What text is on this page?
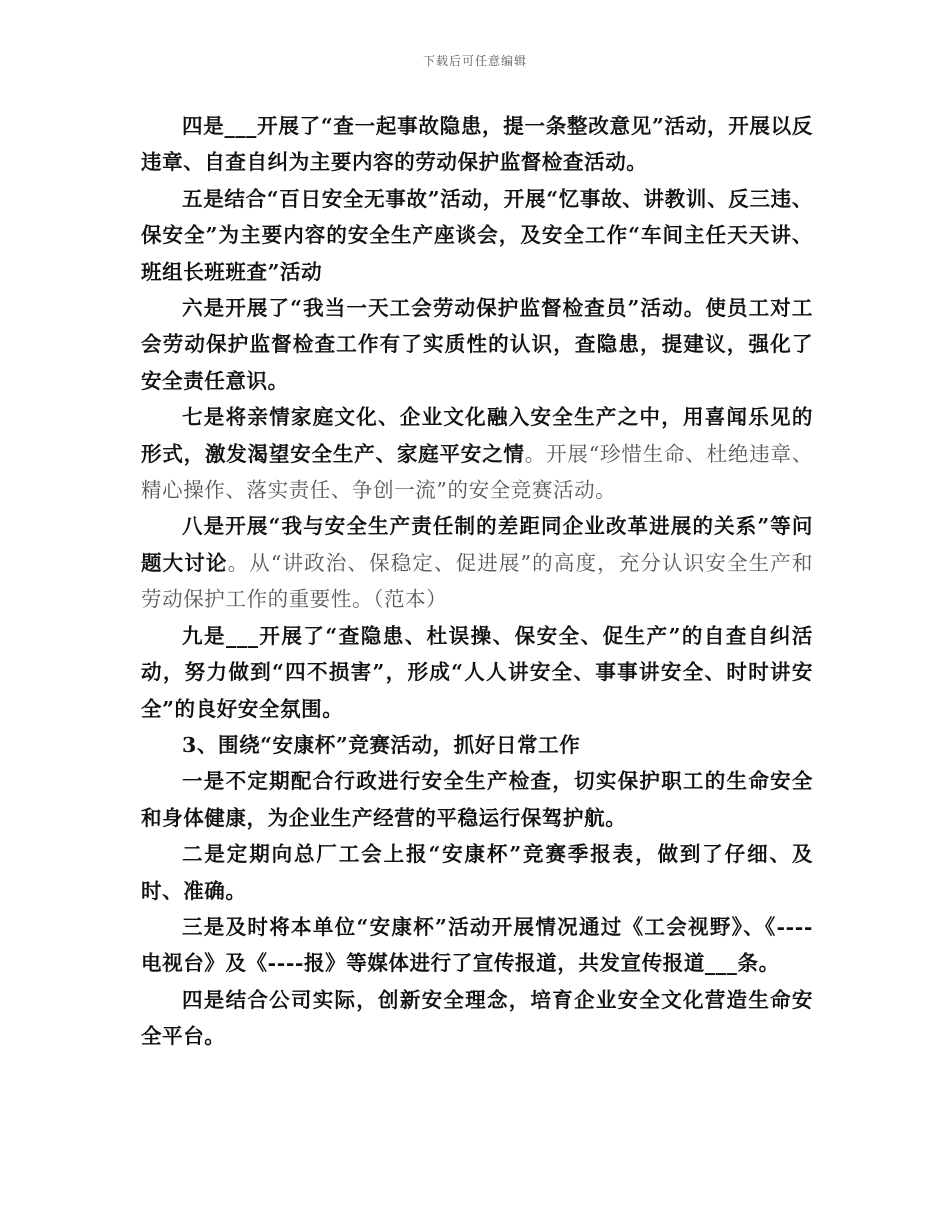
下载后可任意编辑

四是___开展了“查一起事故隐患，提一条整改意见”活动，开展以反违章、自查自纠为主要内容的劳动保护监督检查活动。

五是结合“百日安全无事故”活动，开展“忆事故、讲教训、反三违、保安全”为主要内容的安全生产座谈会，及安全工作“车间主任天天讲、班组长班班查”活动

六是开展了“我当一天工会劳动保护监督检查员”活动。使员工对工会劳动保护监督检查工作有了实质性的认识，查隐患，提建议，强化了安全责任意识。

七是将亲情家庭文化、企业文化融入安全生产之中，用喜闻乐见的形式，激发渴望安全生产、家庭平安之情。开展“珍惜生命、杜绝违章、精心操作、落实责任、争创一流”的安全竞赛活动。

八是开展“我与安全生产责任制的差距同企业改革进展的关系”等问题大讨论。从“讲政治、保稳定、促进展”的高度，充分认识安全生产和劳动保护工作的重要性。（范本）

九是___开展了“查隐患、杜误操、保安全、促生产”的自查自纠活动，努力做到“四不损害”，形成“人人讲安全、事事讲安全、时时讲安全”的良好安全氛围。

3、围绕“安康杯”竞赛活动，抓好日常工作

一是不定期配合行政进行安全生产检查，切实保护职工的生命安全和身体健康，为企业生产经营的平稳运行保驾护航。

二是定期向总厂工会上报“安康杯”竞赛季报表，做到了仔细、及时、准确。

三是及时将本单位“安康杯”活动开展情况通过《工会视野》、《----电视台》及《----报》等媒体进行了宣传报道，共发宣传报道___条。

四是结合公司实际，创新安全理念，培育企业安全文化营造生命安全平台。
